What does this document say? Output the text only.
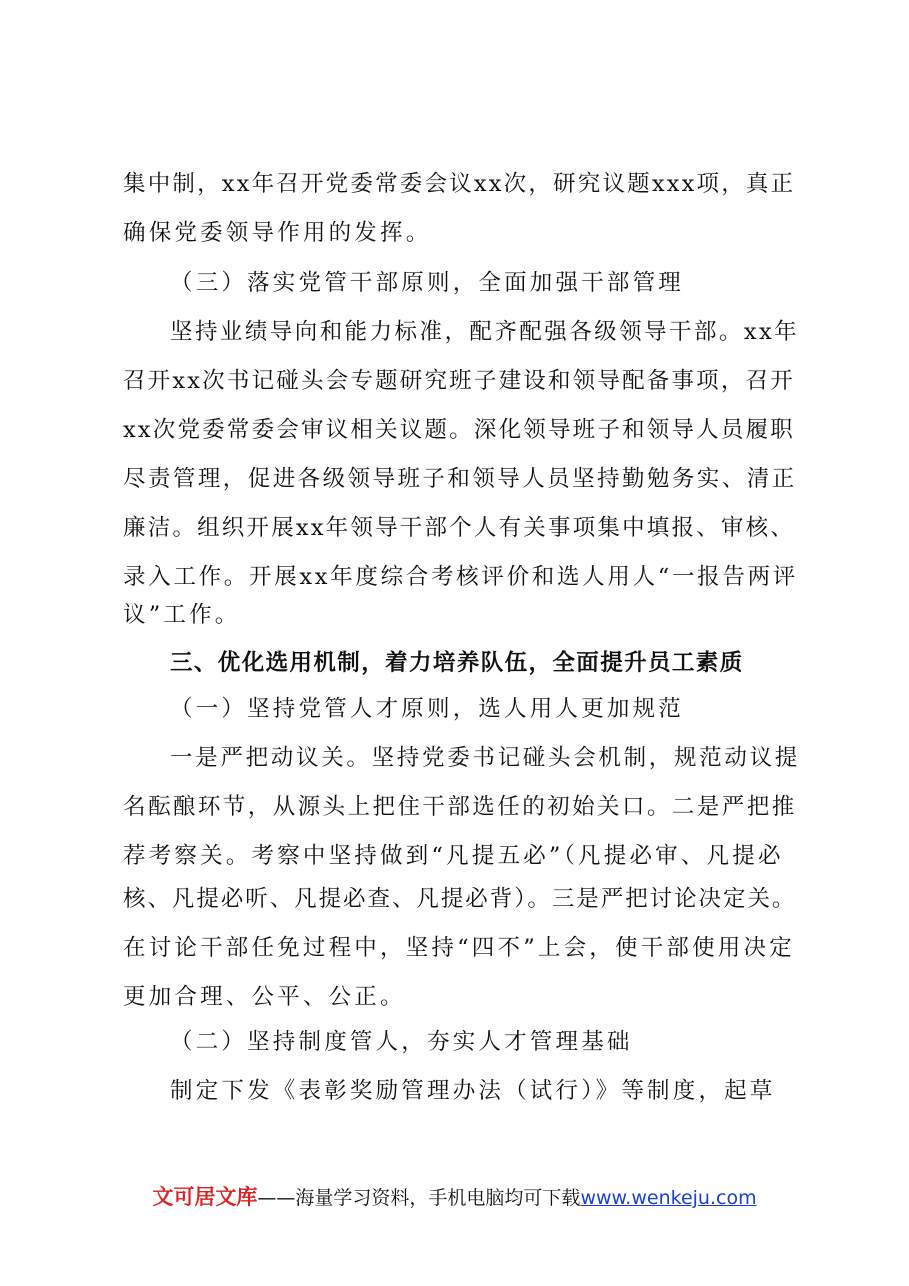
集中制，xx年召开党委常委会议xx次，研究议题xxx项，真正
确保党委领导作用的发挥。
（三）落实党管干部原则，全面加强干部管理
坚持业绩导向和能力标准，配齐配强各级领导干部。xx年
召开xx次书记碰头会专题研究班子建设和领导配备事项，召开
xx次党委常委会审议相关议题。深化领导班子和领导人员履职
尽责管理，促进各级领导班子和领导人员坚持勤勉务实、清正
廉洁。组织开展xx年领导干部个人有关事项集中填报、审核、
录入工作。开展xx年度综合考核评价和选人用人“一报告两评
议”工作。
三、优化选用机制，着力培养队伍，全面提升员工素质
（一）坚持党管人才原则，选人用人更加规范
一是严把动议关。坚持党委书记碰头会机制，规范动议提
名酝酿环节，从源头上把住干部选任的初始关口。二是严把推
荐考察关。考察中坚持做到“凡提五必”（凡提必审、凡提必
核、凡提必听、凡提必查、凡提必背）。三是严把讨论决定关。
在讨论干部任免过程中，坚持“四不”上会，使干部使用决定
更加合理、公平、公正。
（二）坚持制度管人，夯实人才管理基础
制定下发《表彰奖励管理办法（试行）》等制度，起草
文可居文库——海量学习资料，手机电脑均可下载www.wenkeju.com
